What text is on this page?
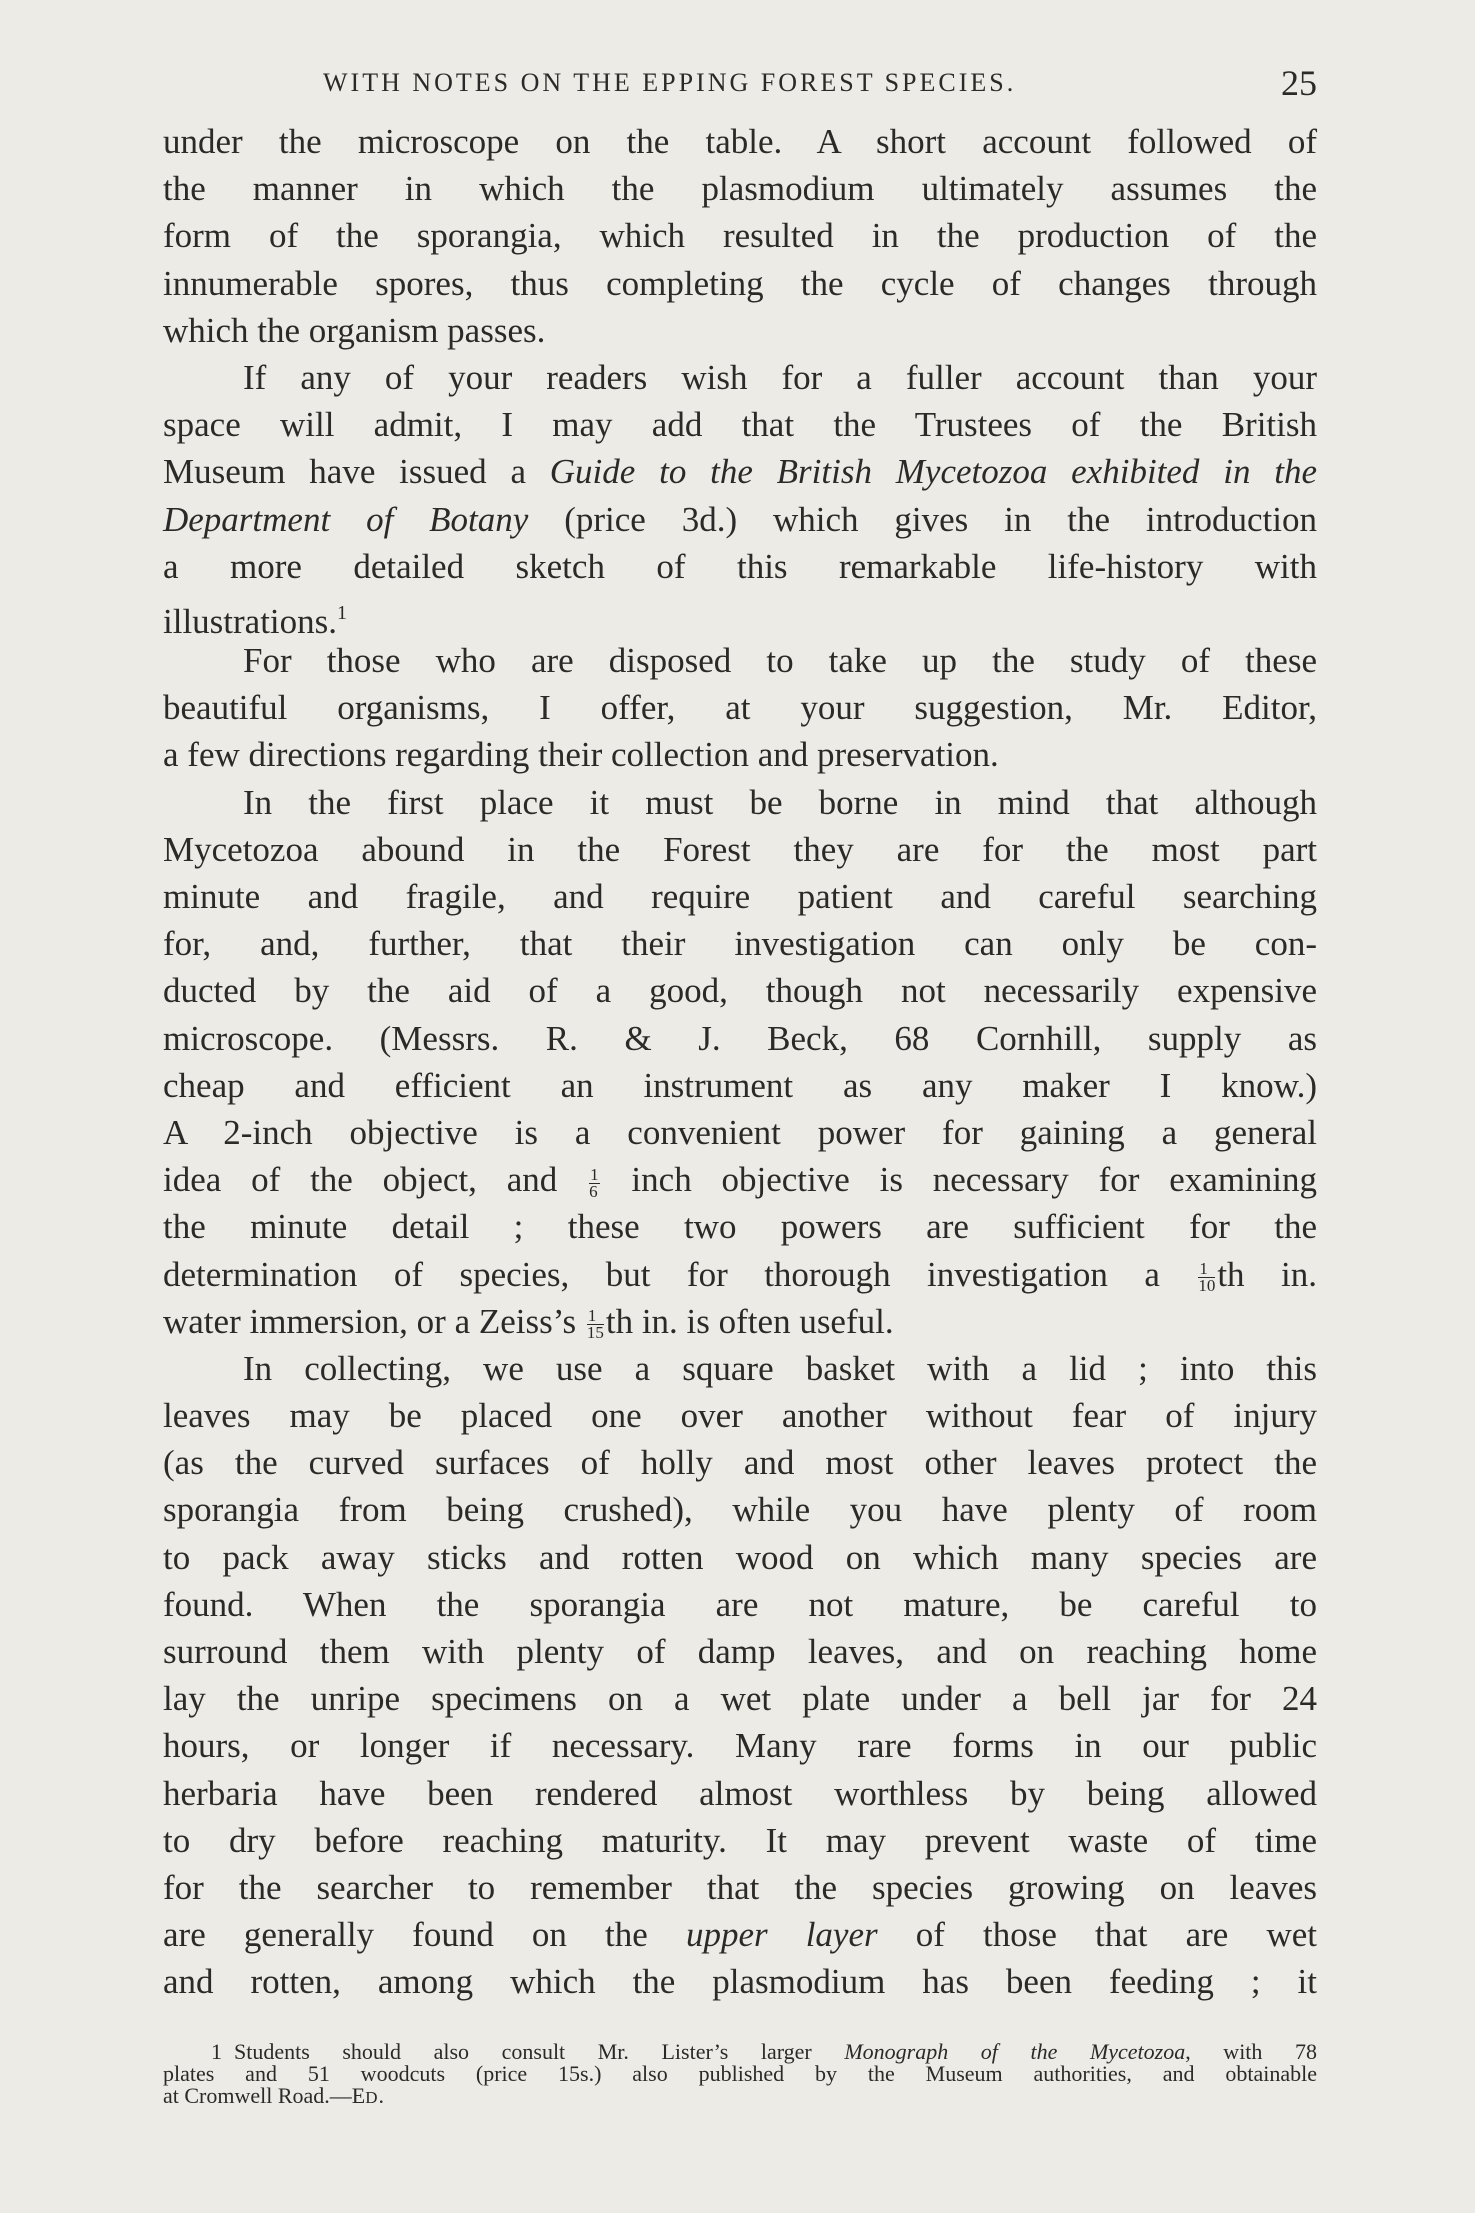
WITH NOTES ON THE EPPING FOREST SPECIES.	25
under the microscope on the table. A short account followed of
the manner in which the plasmodium ultimately assumes the
form of the sporangia, which resulted in the production of the
innumerable spores, thus completing the cycle of changes through
which the organism passes.
If any of your readers wish for a fuller account than your
space will admit, I may add that the Trustees of the British
Museum have issued a Guide to the British Mycetozoa exhibited in the
Department of Botany (price 3d.) which gives in the introduction
a more detailed sketch of this remarkable life-history with
illustrations.$^1$
For those who are disposed to take up the study of these
beautiful organisms, I offer, at your suggestion, Mr. Editor,
a few directions regarding their collection and preservation.
In the first place it must be borne in mind that although
Mycetozoa abound in the Forest they are for the most part
minute and fragile, and require patient and careful searching
for, and, further, that their investigation can only be con-
ducted by the aid of a good, though not necessarily expensive
microscope. (Messrs. R. & J. Beck, 68 Cornhill, supply as
cheap and efficient an instrument as any maker I know.)
A 2-inch objective is a convenient power for gaining a general
idea of the object, and $\frac{1}{6}$ inch objective is necessary for examining
the minute detail ; these two powers are sufficient for the
determination of species, but for thorough investigation a $\frac{1}{10}$ th in.
water immersion, or a Zeiss’s $\frac{1}{15}$ th in. is often useful.
In collecting, we use a square basket with a lid ; into this
leaves may be placed one over another without fear of injury
(as the curved surfaces of holly and most other leaves protect the
sporangia from being crushed), while you have plenty of room
to pack away sticks and rotten wood on which many species are
found. When the sporangia are not mature, be careful to
surround them with plenty of damp leaves, and on reaching home
lay the unripe specimens on a wet plate under a bell jar for 24
hours, or longer if necessary. Many rare forms in our public
herbaria have been rendered almost worthless by being allowed
to dry before reaching maturity. It may prevent waste of time
for the searcher to remember that the species growing on leaves
are generally found on the upper layer of those that are wet
and rotten, among which the plasmodium has been feeding ; it
1 Students should also consult Mr. Lister’s larger Monograph of the Mycetozoa, with 78
plates and 51 woodcuts (price 15s.) also published by the Museum authorities, and obtainable
at Cromwell Road.—ED.
